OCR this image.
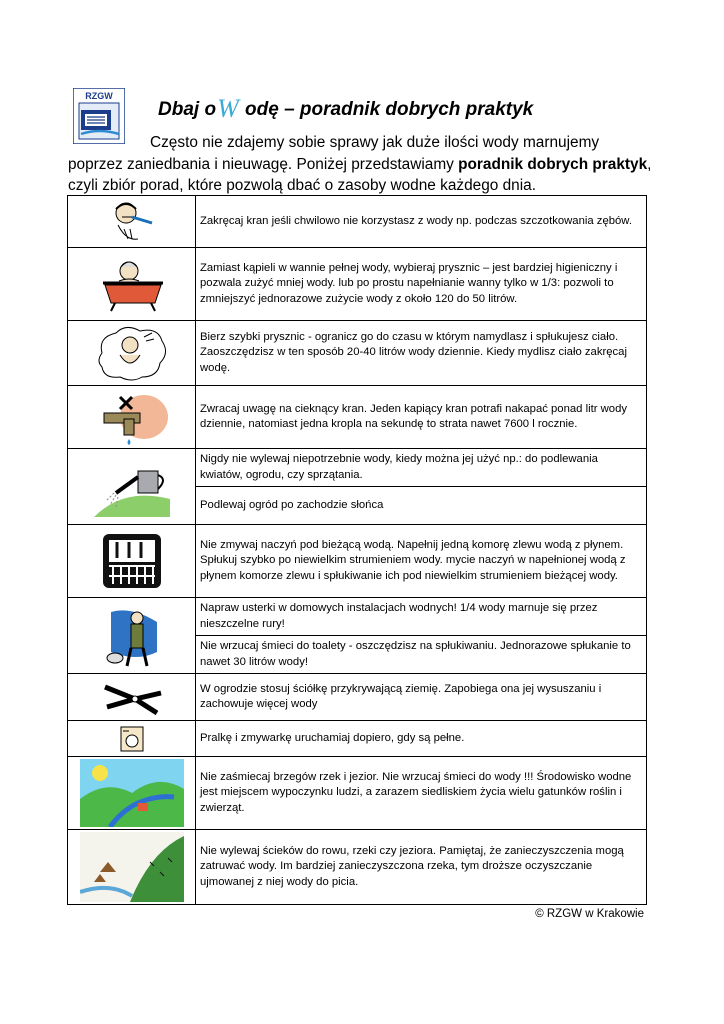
RZGW
Dbaj oW odę – poradnik dobrych praktyk
Często nie zdajemy sobie sprawy jak duże ilości wody marnujemy poprzez zaniedbania i nieuwagę. Poniżej przedstawiamy poradnik dobrych praktyk, czyli zbiór porad, które pozwolą dbać o zasoby wodne każdego dnia.
	Zakręcaj kran jeśli chwilowo nie korzystasz z wody np. podczas szczotkowania zębów.

	Zamiast kąpieli w wannie pełnej wody, wybieraj prysznic – jest bardziej higieniczny i pozwala zużyć mniej wody. lub po prostu napełnianie wanny tylko w 1/3: pozwoli to zmniejszyć jednorazowe zużycie wody z około 120 do 50 litrów.

	Bierz szybki prysznic - ogranicz go do czasu w którym namydlasz i spłukujesz ciało. Zaoszczędzisz w ten sposób 20-40 litrów wody dziennie. Kiedy mydlisz ciało zakręcaj wodę.

	Zwracaj uwagę na cieknący kran. Jeden kapiący kran potrafi nakapać ponad litr wody dziennie, natomiast jedna kropla na sekundę to strata nawet 7600 l rocznie.

	Nigdy nie wylewaj niepotrzebnie wody, kiedy można jej użyć np.: do podlewania kwiatów, ogrodu, czy sprzątania.
	Podlewaj ogród po zachodzie słońca

	Nie zmywaj naczyń pod bieżącą wodą. Napełnij jedną komorę zlewu wodą z płynem. Spłukuj szybko po niewielkim strumieniem wody. mycie naczyń w napełnionej wodą z płynem komorze zlewu i spłukiwanie ich pod niewielkim strumieniem bieżącej wody.

	Napraw usterki w domowych instalacjach wodnych! 1/4 wody marnuje się przez nieszczelne rury!
	Nie wrzucaj śmieci do toalety - oszczędzisz na spłukiwaniu. Jednorazowe spłukanie to nawet 30 litrów wody!

	W ogrodzie stosuj ściółkę przykrywającą ziemię. Zapobiega ona jej wysuszaniu i zachowuje więcej wody

	Pralkę i zmywarkę uruchamiaj dopiero, gdy są pełne.

	Nie zaśmiecaj brzegów rzek i jezior. Nie wrzucaj śmieci do wody !!! Środowisko wodne jest miejscem wypoczynku ludzi, a zarazem siedliskiem życia wielu gatunków roślin i zwierząt.

	Nie wylewaj ścieków do rowu, rzeki czy jeziora. Pamiętaj, że zanieczyszczenia mogą zatruwać wody. Im bardziej zanieczyszczona rzeka, tym droższe oczyszczanie ujmowanej z niej wody do picia.
© RZGW w Krakowie
